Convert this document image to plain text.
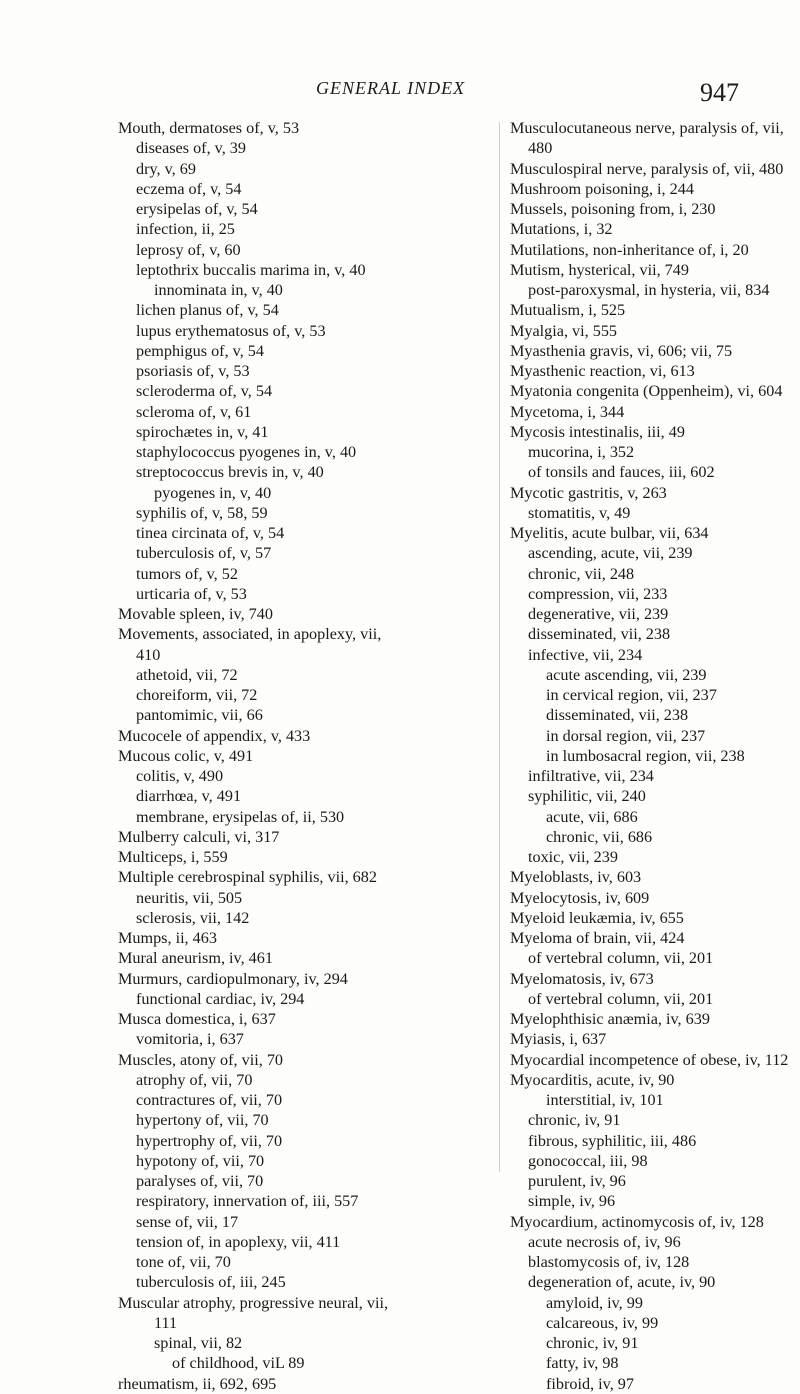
GENERAL INDEX	947
Mouth, dermatoses of, v, 53
diseases of, v, 39
dry, v, 69
eczema of, v, 54
erysipelas of, v, 54
infection, ii, 25
leprosy of, v, 60
leptothrix buccalis marima in, v, 40
innominata in, v, 40
lichen planus of, v, 54
lupus erythematosus of, v, 53
pemphigus of, v, 54
psoriasis of, v, 53
scleroderma of, v, 54
scleroma of, v, 61
spirochætes in, v, 41
staphylococcus pyogenes in, v, 40
streptococcus brevis in, v, 40
pyogenes in, v, 40
syphilis of, v, 58, 59
tinea circinata of, v, 54
tuberculosis of, v, 57
tumors of, v, 52
urticaria of, v, 53
Movable spleen, iv, 740
Movements, associated, in apoplexy, vii,
410
athetoid, vii, 72
choreiform, vii, 72
pantomimic, vii, 66
Mucocele of appendix, v, 433
Mucous colic, v, 491
colitis, v, 490
diarrhœa, v, 491
membrane, erysipelas of, ii, 530
Mulberry calculi, vi, 317
Multiceps, i, 559
Multiple cerebrospinal syphilis, vii, 682
neuritis, vii, 505
sclerosis, vii, 142
Mumps, ii, 463
Mural aneurism, iv, 461
Murmurs, cardiopulmonary, iv, 294
functional cardiac, iv, 294
Musca domestica, i, 637
vomitoria, i, 637
Muscles, atony of, vii, 70
atrophy of, vii, 70
contractures of, vii, 70
hypertony of, vii, 70
hypertrophy of, vii, 70
hypotony of, vii, 70
paralyses of, vii, 70
respiratory, innervation of, iii, 557
sense of, vii, 17
tension of, in apoplexy, vii, 411
tone of, vii, 70
tuberculosis of, iii, 245
Muscular atrophy, progressive neural, vii,
111
spinal, vii, 82
of childhood, viL 89
rheumatism, ii, 692, 695
Musculocutaneous nerve, paralysis of, vii,
480
Musculospiral nerve, paralysis of, vii, 480
Mushroom poisoning, i, 244
Mussels, poisoning from, i, 230
Mutations, i, 32
Mutilations, non-inheritance of, i, 20
Mutism, hysterical, vii, 749
post-paroxysmal, in hysteria, vii, 834
Mutualism, i, 525
Myalgia, vi, 555
Myasthenia gravis, vi, 606; vii, 75
Myasthenic reaction, vi, 613
Myatonia congenita (Oppenheim), vi, 604
Mycetoma, i, 344
Mycosis intestinalis, iii, 49
mucorina, i, 352
of tonsils and fauces, iii, 602
Mycotic gastritis, v, 263
stomatitis, v, 49
Myelitis, acute bulbar, vii, 634
ascending, acute, vii, 239
chronic, vii, 248
compression, vii, 233
degenerative, vii, 239
disseminated, vii, 238
infective, vii, 234
acute ascending, vii, 239
in cervical region, vii, 237
disseminated, vii, 238
in dorsal region, vii, 237
in lumbosacral region, vii, 238
infiltrative, vii, 234
syphilitic, vii, 240
acute, vii, 686
chronic, vii, 686
toxic, vii, 239
Myeloblasts, iv, 603
Myelocytosis, iv, 609
Myeloid leukæmia, iv, 655
Myeloma of brain, vii, 424
of vertebral column, vii, 201
Myelomatosis, iv, 673
of vertebral column, vii, 201
Myelophthisic anæmia, iv, 639
Myiasis, i, 637
Myocardial incompetence of obese, iv, 112
Myocarditis, acute, iv, 90
interstitial, iv, 101
chronic, iv, 91
fibrous, syphilitic, iii, 486
gonococcal, iii, 98
purulent, iv, 96
simple, iv, 96
Myocardium, actinomycosis of, iv, 128
acute necrosis of, iv, 96
blastomycosis of, iv, 128
degeneration of, acute, iv, 90
amyloid, iv, 99
calcareous, iv, 99
chronic, iv, 91
fatty, iv, 98
fibroid, iv, 97
